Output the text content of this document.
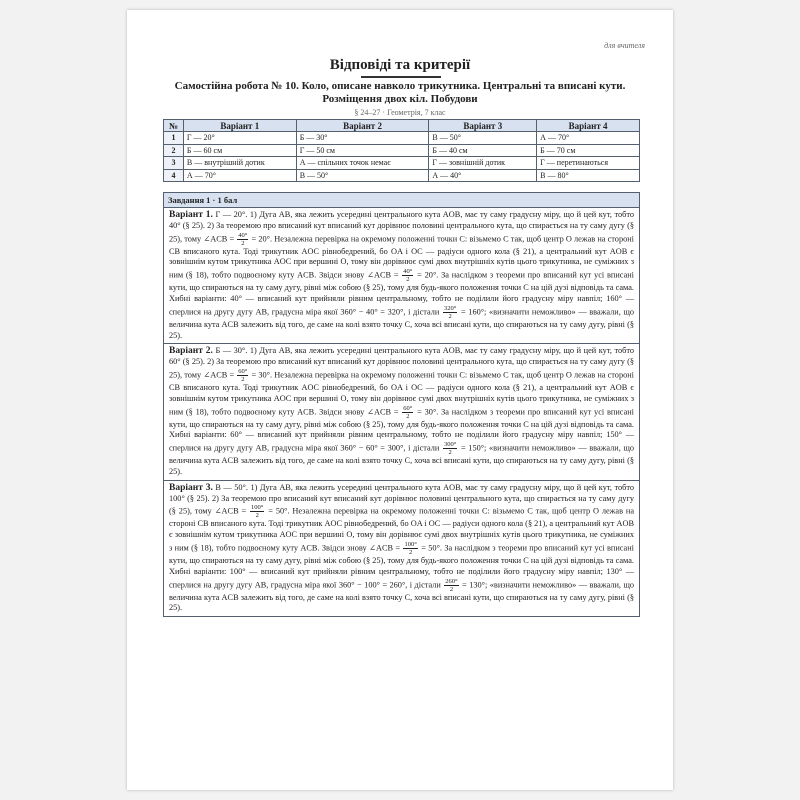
для вчителя
Відповіді та критерії
Самостійна робота № 10. Коло, описане навколо трикутника. Центральні та вписані кути. Розміщення двох кіл. Побудови
§ 24–27 · Геометрія, 7 клас
№	Варіант 1	Варіант 2	Варіант 3	Варіант 4
1	Г — 20°	Б — 30°	В — 50°	А — 70°
2	Б — 60 см	Г — 50 см	Б — 40 см	Б — 70 см
3	В — внутрішній дотик	А — спільних точок немає	Г — зовнішній дотик	Г — перетинаються
4	А — 70°	В — 50°	А — 40°	В — 80°
Завдання 1 · 1 бал
Варіант 1. Г — 20°. 1) Дуга AB, яка лежить усередині центрального кута AOB, має ту саму градусну міру, що й цей кут, тобто 40° (§ 25). 2) За теоремою про вписаний кут вписаний кут дорівнює половині центрального кута, що спирається на ту саму дугу (§ 25), тому ∠ACB = $\frac{40^\circ}{2} = 20^\circ$. Незалежна перевірка на окремому положенні точки C: візьмемо C так, щоб центр O лежав на стороні CB вписаного кута. Тоді трикутник AOC рівнобедрений, бо OA і OC — радіуси одного кола (§ 21), а центральний кут AOB є зовнішнім кутом трикутника AOC при вершині O, тому він дорівнює сумі двох внутрішніх кутів цього трикутника, не суміжних з ним (§ 18), тобто подвоєному куту ACB. Звідси знову ∠ACB = $\frac{40^\circ}{2} = 20^\circ$. За наслідком з теореми про вписаний кут усі вписані кути, що спираються на ту саму дугу, рівні між собою (§ 25), тому для будь-якого положення точки C на цій дузі відповідь та сама. Хибні варіанти: 40° — вписаний кут прийняли рівним центральному, тобто не поділили його градусну міру навпіл; 160° — сперлися на другу дугу AB, градусна міра якої 360° − 40° = 320°, і дістали $\frac{320^\circ}{2} = 160^\circ$; «визначити неможливо» — вважали, що величина кута ACB залежить від того, де саме на колі взято точку C, хоча всі вписані кути, що спираються на ту саму дугу, рівні (§ 25).
Варіант 2. Б — 30°. 1) Дуга AB, яка лежить усередині центрального кута AOB, має ту саму градусну міру, що й цей кут, тобто 60° (§ 25). 2) За теоремою про вписаний кут вписаний кут дорівнює половині центрального кута, що спирається на ту саму дугу (§ 25), тому ∠ACB = $\frac{60^\circ}{2} = 30^\circ$. Незалежна перевірка на окремому положенні точки C: візьмемо C так, щоб центр O лежав на стороні CB вписаного кута. Тоді трикутник AOC рівнобедрений, бо OA і OC — радіуси одного кола (§ 21), а центральний кут AOB є зовнішнім кутом трикутника AOC при вершині O, тому він дорівнює сумі двох внутрішніх кутів цього трикутника, не суміжних з ним (§ 18), тобто подвоєному куту ACB. Звідси знову ∠ACB = $\frac{60^\circ}{2} = 30^\circ$. За наслідком з теореми про вписаний кут усі вписані кути, що спираються на ту саму дугу, рівні між собою (§ 25), тому для будь-якого положення точки C на цій дузі відповідь та сама. Хибні варіанти: 60° — вписаний кут прийняли рівним центральному, тобто не поділили його градусну міру навпіл; 150° — сперлися на другу дугу AB, градусна міра якої 360° − 60° = 300°, і дістали $\frac{300^\circ}{2} = 150^\circ$; «визначити неможливо» — вважали, що величина кута ACB залежить від того, де саме на колі взято точку C, хоча всі вписані кути, що спираються на ту саму дугу, рівні (§ 25).
Варіант 3. В — 50°. 1) Дуга AB, яка лежить усередині центрального кута AOB, має ту саму градусну міру, що й цей кут, тобто 100° (§ 25). 2) За теоремою про вписаний кут вписаний кут дорівнює половині центрального кута, що спирається на ту саму дугу (§ 25), тому ∠ACB = $\frac{100^\circ}{2} = 50^\circ$. Незалежна перевірка на окремому положенні точки C: візьмемо C так, щоб центр O лежав на стороні CB вписаного кута. Тоді трикутник AOC рівнобедрений, бо OA і OC — радіуси одного кола (§ 21), а центральний кут AOB є зовнішнім кутом трикутника AOC при вершині O, тому він дорівнює сумі двох внутрішніх кутів цього трикутника, не суміжних з ним (§ 18), тобто подвоєному куту ACB. Звідси знову ∠ACB = $\frac{100^\circ}{2} = 50^\circ$. За наслідком з теореми про вписаний кут усі вписані кути, що спираються на ту саму дугу, рівні між собою (§ 25), тому для будь-якого положення точки C на цій дузі відповідь та сама. Хибні варіанти: 100° — вписаний кут прийняли рівним центральному, тобто не поділили його градусну міру навпіл; 130° — сперлися на другу дугу AB, градусна міра якої 360° − 100° = 260°, і дістали $\frac{260^\circ}{2} = 130^\circ$; «визначити неможливо» — вважали, що величина кута ACB залежить від того, де саме на колі взято точку C, хоча всі вписані кути, що спираються на ту саму дугу, рівні (§ 25).
